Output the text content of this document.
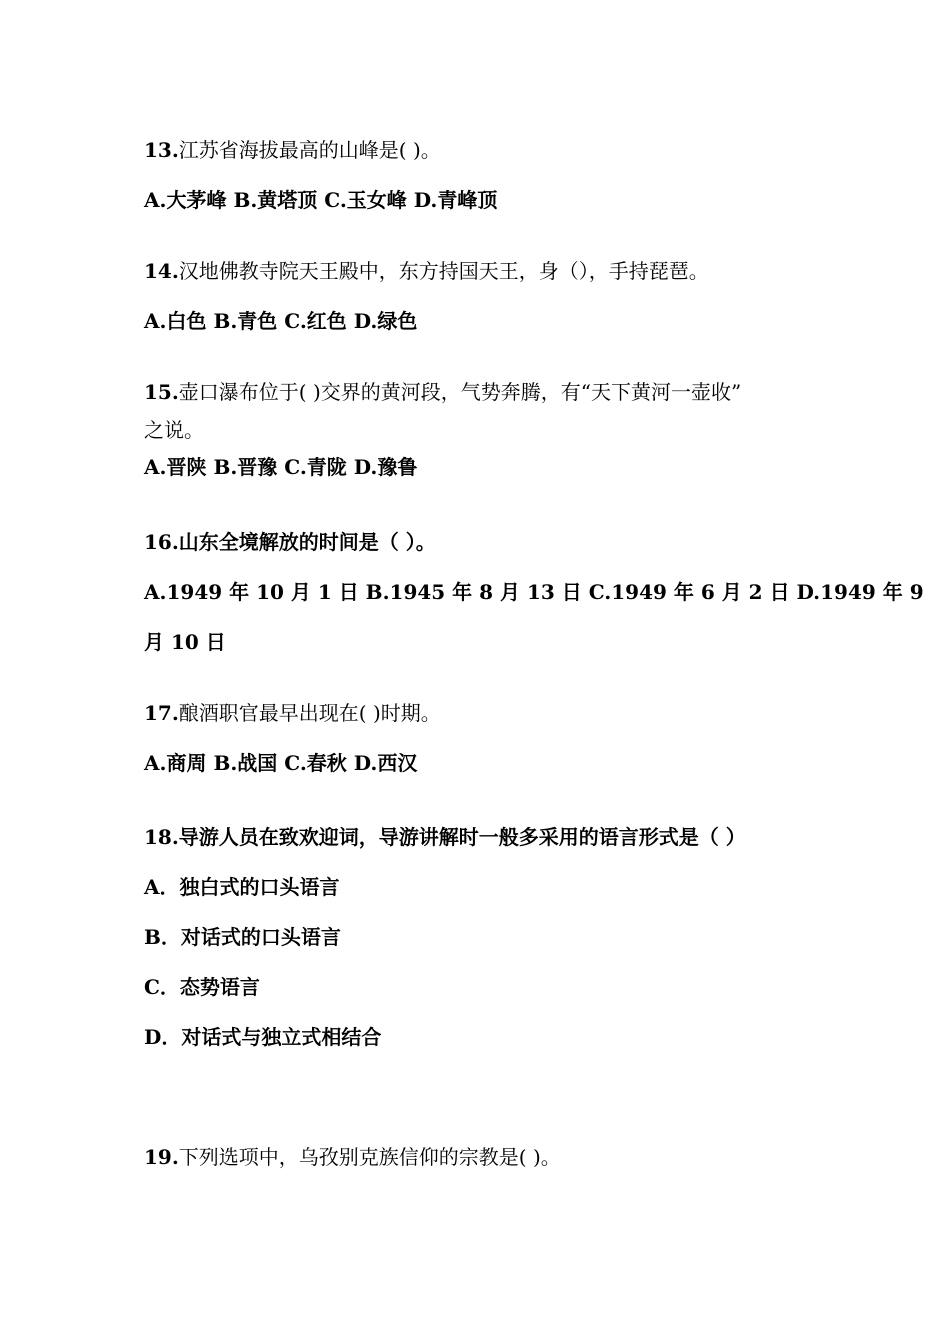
13.江苏省海拔最高的山峰是( )。
A.大茅峰 B.黄塔顶 C.玉女峰 D.青峰顶
14.汉地佛教寺院天王殿中，东方持国天王，身（），手持琵琶。
A.白色 B.青色 C.红色 D.绿色
15.壶口瀑布位于( )交界的黄河段，气势奔腾，有“天下黄河一壶收”
之说。
A.晋陕 B.晋豫 C.青陇 D.豫鲁
16.山东全境解放的时间是（ ）。
A.1949 年 10 月 1 日 B.1945 年 8 月 13 日 C.1949 年 6 月 2 日 D.1949 年 9
月 10 日
17.酿酒职官最早出现在( )时期。
A.商周 B.战国 C.春秋 D.西汉
18.导游人员在致欢迎词，导游讲解时一般多采用的语言形式是（ ）
A．独白式的口头语言
B．对话式的口头语言
C．态势语言
D．对话式与独立式相结合
19.下列选项中，乌孜别克族信仰的宗教是( )。
